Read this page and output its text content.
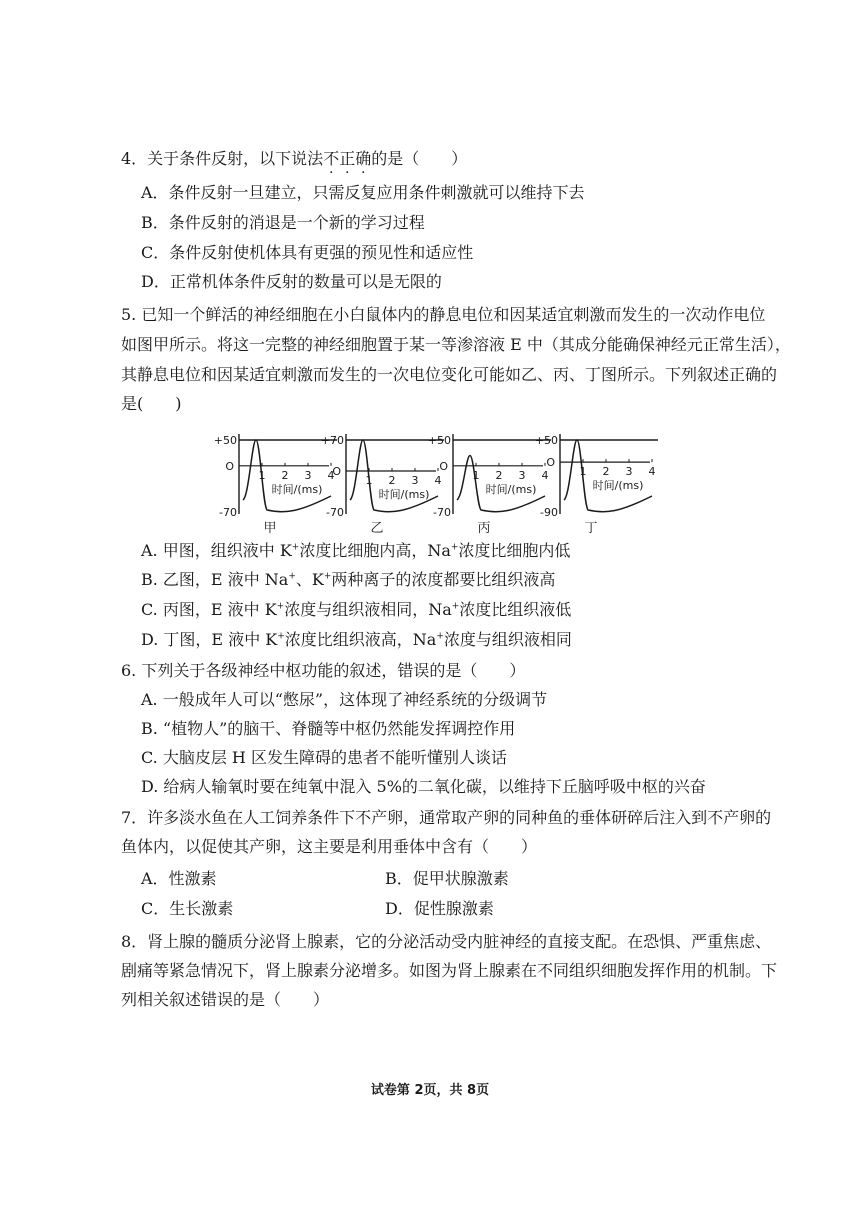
4．关于条件反射，以下说法不正确的是（　　）
A．条件反射一旦建立，只需反复应用条件刺激就可以维持下去
B．条件反射的消退是一个新的学习过程
C．条件反射使机体具有更强的预见性和适应性
D．正常机体条件反射的数量可以是无限的
5. 已知一个鲜活的神经细胞在小白鼠体内的静息电位和因某适宜刺激而发生的一次动作电位
如图甲所示。将这一完整的神经细胞置于某一等渗溶液 E 中（其成分能确保神经元正常生活），
其静息电位和因某适宜刺激而发生的一次电位变化可能如乙、丙、丁图所示。下列叙述正确的
是(　　)
+50
-70
O
1 2 3 4
时间/(ms)
甲
+70
-70
O
1 2 3 4
时间/(ms)
乙
+50
-70
O
1 2 3 4
时间/(ms)
丙
+50
-90
O
1 2 3 4
时间/(ms)
丁
A. 甲图，组织液中 K+浓度比细胞内高，Na+浓度比细胞内低
B. 乙图，E 液中 Na+、K+两种离子的浓度都要比组织液高
C. 丙图，E 液中 K+浓度与组织液相同，Na+浓度比组织液低
D. 丁图，E 液中 K+浓度比组织液高，Na+浓度与组织液相同
6. 下列关于各级神经中枢功能的叙述，错误的是（　　）
A. 一般成年人可以“憋尿”，这体现了神经系统的分级调节
B. “植物人”的脑干、脊髓等中枢仍然能发挥调控作用
C. 大脑皮层 H 区发生障碍的患者不能听懂别人谈话
D. 给病人输氧时要在纯氧中混入 5%的二氧化碳，以维持下丘脑呼吸中枢的兴奋
7．许多淡水鱼在人工饲养条件下不产卵，通常取产卵的同种鱼的垂体研碎后注入到不产卵的
鱼体内，以促使其产卵，这主要是利用垂体中含有（　　）
A．性激素	B．促甲状腺激素
C．生长激素	D．促性腺激素
8．肾上腺的髓质分泌肾上腺素，它的分泌活动受内脏神经的直接支配。在恐惧、严重焦虑、
剧痛等紧急情况下，肾上腺素分泌增多。如图为肾上腺素在不同组织细胞发挥作用的机制。下
列相关叙述错误的是（　　）
试卷第 2页，共 8页
